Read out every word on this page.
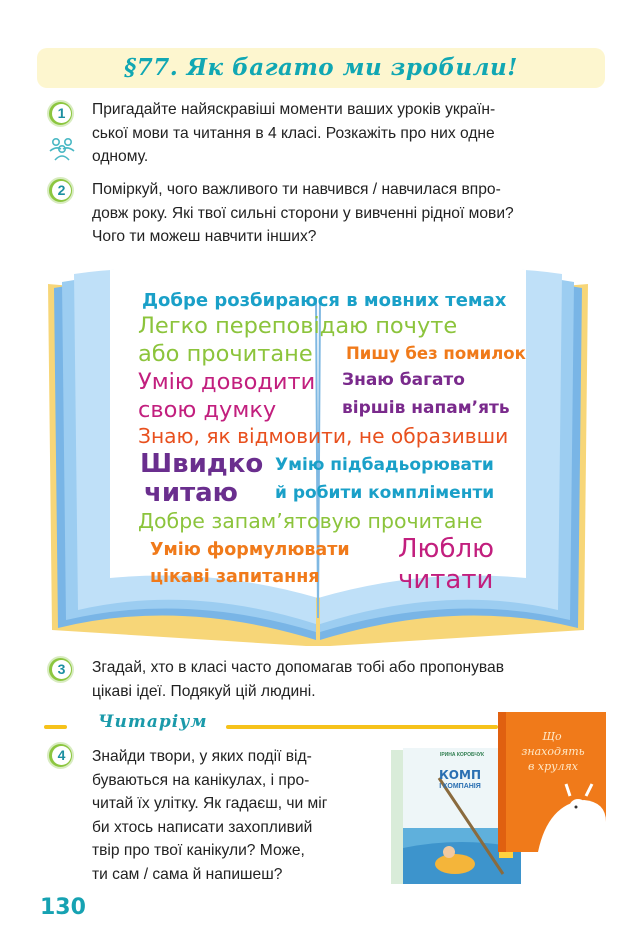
§77. Як багато ми зробили!
1	Пригадайте найяскравіші моменти ваших уроків україн-
ської мови та читання в 4 класі. Розкажіть про них одне
одному.
2	Поміркуй, чого важливого ти навчився / навчилася впро-
довж року. Які твої сильні сторони у вивченні рідної мови?
Чого ти можеш навчити інших?
Добре розбираюся в мовних темах
Легко переповідаю почуте
або прочитане Пишу без помилок
Умію доводити
свою думку
Знаю багато
віршів напам’ять
Знаю, як відмовити, не образивши
Швидко
читаю
Умію підбадьорювати
й робити компліменти
Добре запам’ятовую прочитане
Умію формулювати
цікаві запитання
Люблю
читати
3	Згадай, хто в класі часто допомагав тобі або пропонував
цікаві ідеї. Подякуй цій людині.
Читаріум
4	Знайди твори, у яких події від-
буваються на канікулах, і про-
читай їх улітку. Як гадаєш, чи міг
би хтось написати захопливий
твір про твої канікули? Може,
ти сам / сама й напишеш?
ІРИНА КОРОБЧУК
КОМП
І КОМПАНІЯ
Що
знаходять
в хрулях
130
